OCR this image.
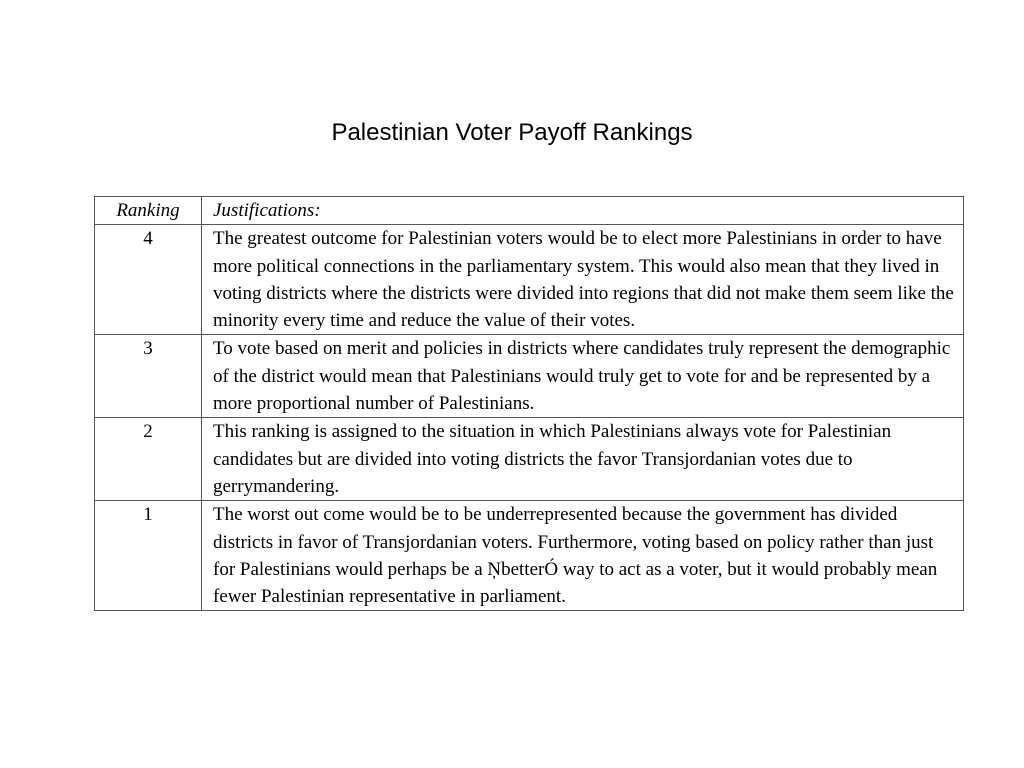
Palestinian Voter Payoff Rankings
Ranking	Justifications:
4	The greatest outcome for Palestinian voters would be to elect more Palestinians in order to have more political connections in the parliamentary system. This would also mean that they lived in voting districts where the districts were divided into regions that did not make them seem like the minority every time and reduce the value of their votes.
3	To vote based on merit and policies in districts where candidates truly represent the demographic of the district would mean that Palestinians would truly get to vote for and be represented by a more proportional number of Palestinians.
2	This ranking is assigned to the situation in which Palestinians always vote for Palestinian candidates but are divided into voting districts the favor Transjordanian votes due to gerrymandering.
1	The worst out come would be to be underrepresented because the government has divided districts in favor of Transjordanian voters. Furthermore, voting based on policy rather than just for Palestinians would perhaps be a ŅbetterÓ way to act as a voter, but it would probably mean fewer Palestinian representative in parliament.
